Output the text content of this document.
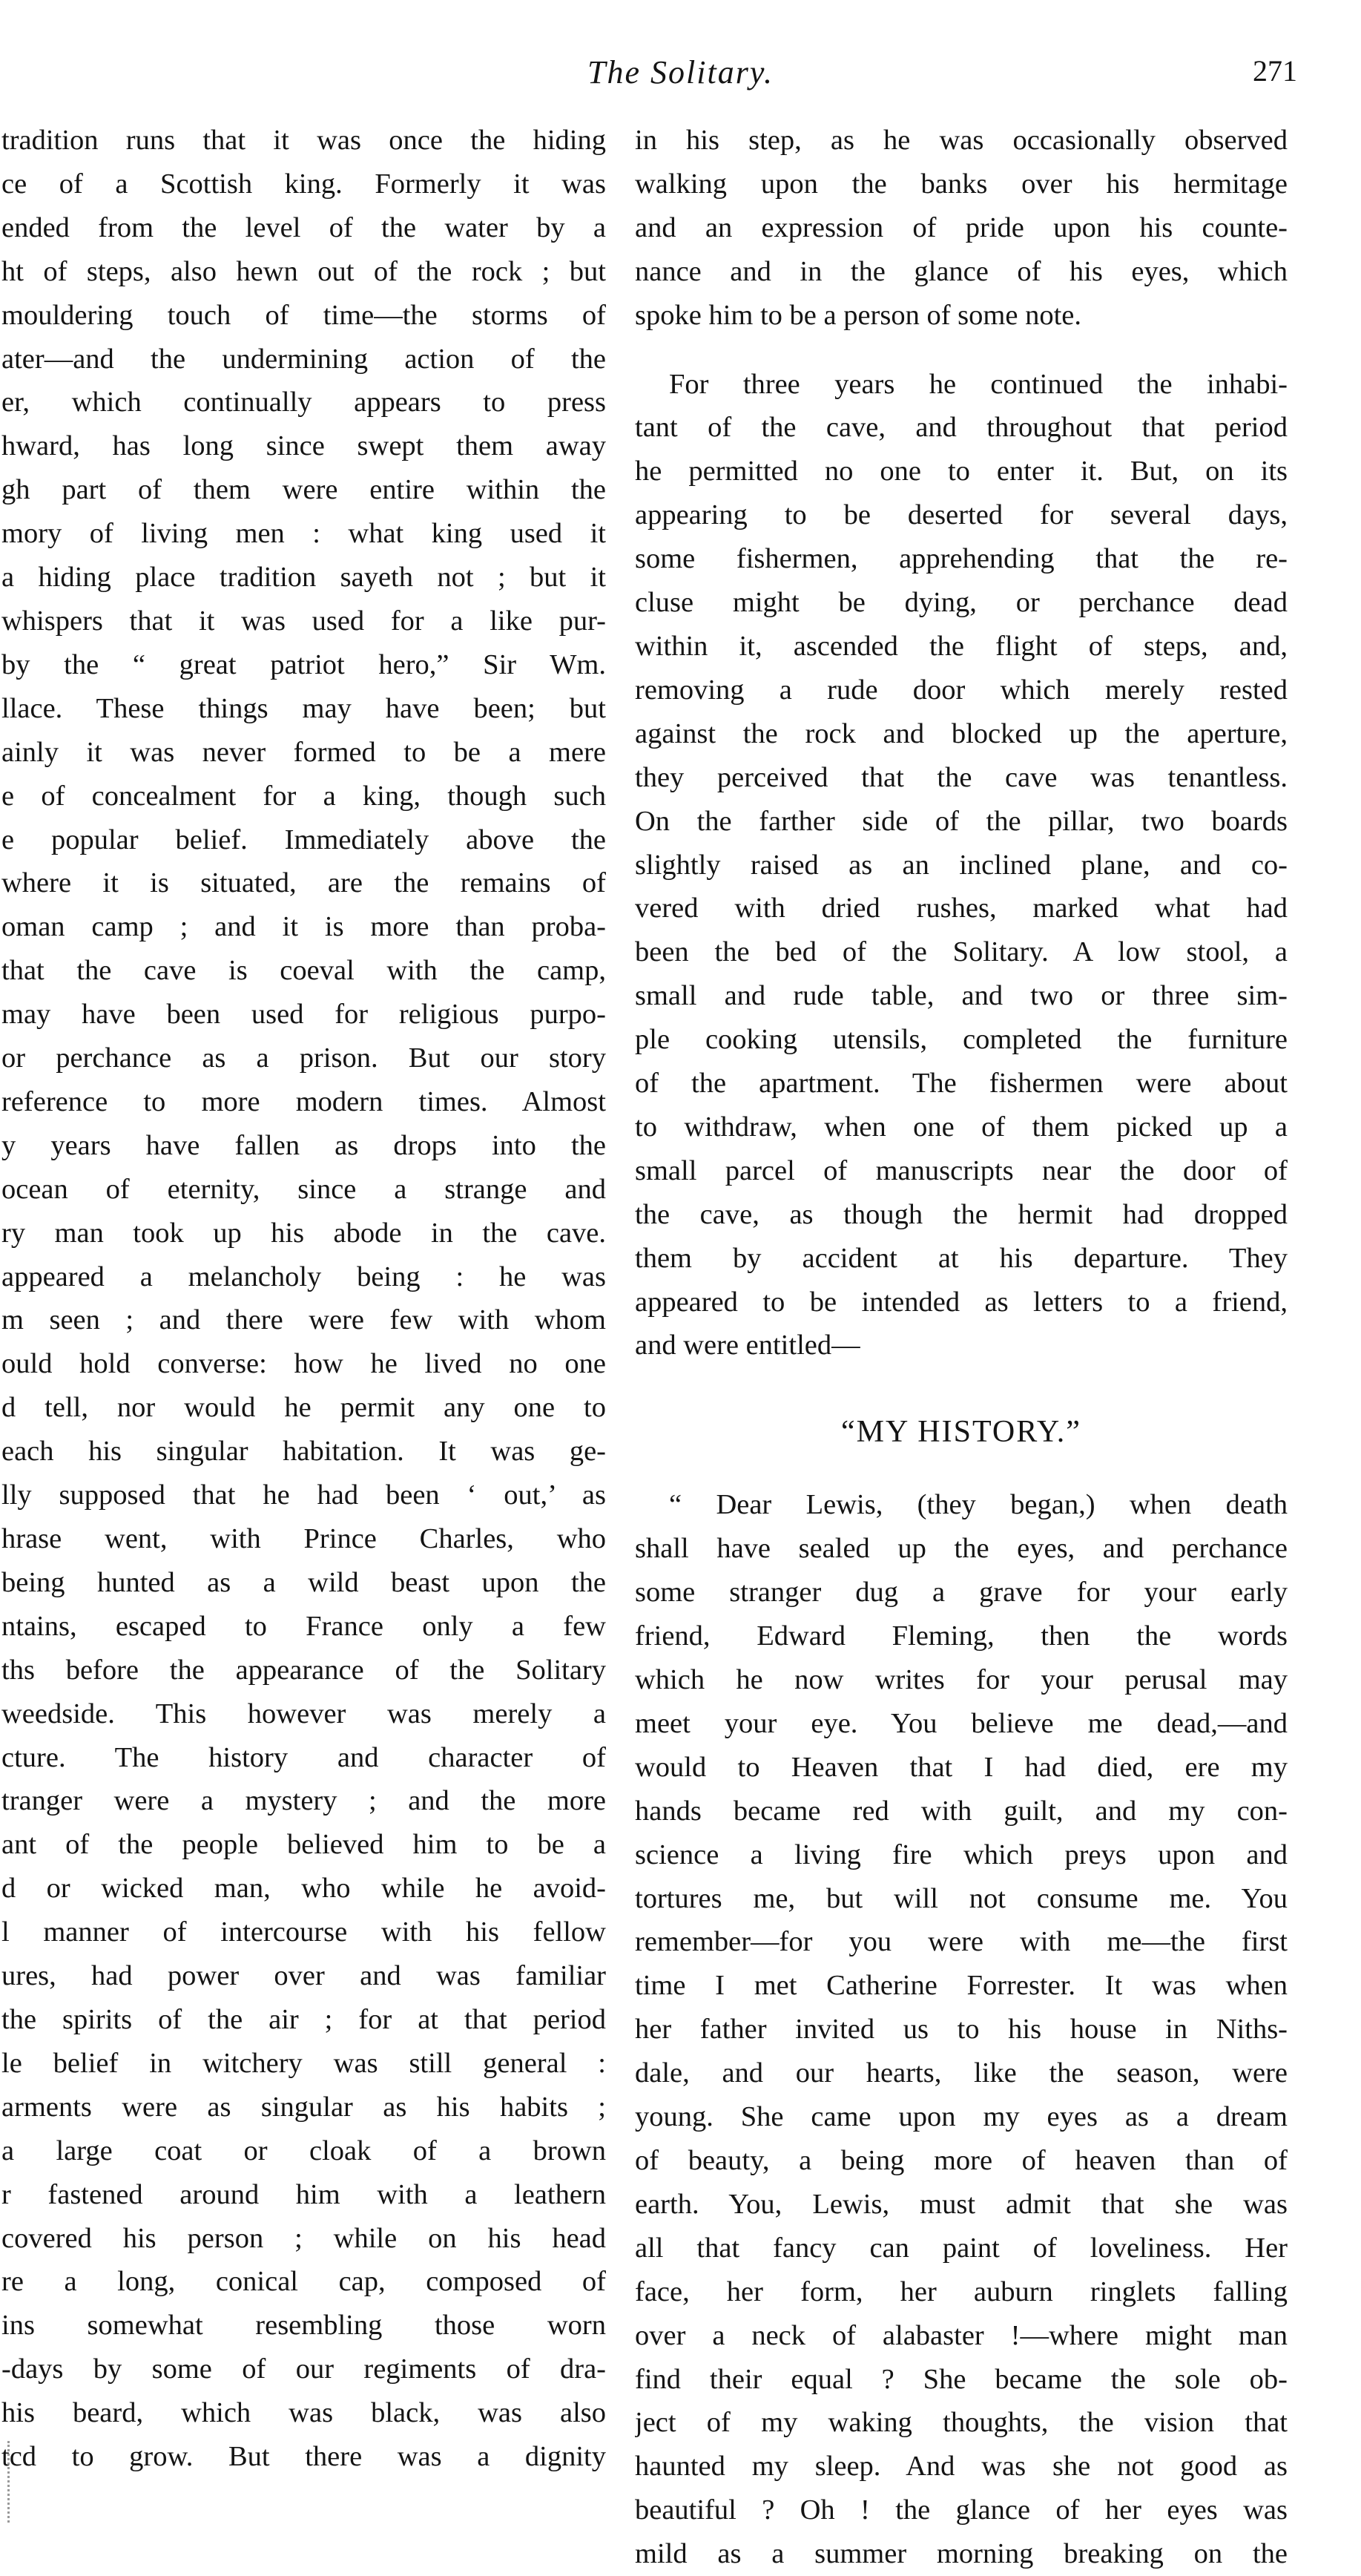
The Solitary.	271
tradition runs that it was once the hiding
ce of a Scottish king. Formerly it was
ended from the level of the water by a
ht of steps, also hewn out of the rock ; but
mouldering touch of time—the storms of
ater—and the undermining action of the
er, which continually appears to press
hward, has long since swept them away
gh part of them were entire within the
mory of living men : what king used it
a hiding place tradition sayeth not ; but it
whispers that it was used for a like pur-
by the “ great patriot hero,” Sir Wm.
llace. These things may have been; but
ainly it was never formed to be a mere
e of concealment for a king, though such
e popular belief. Immediately above the
where it is situated, are the remains of
oman camp ; and it is more than proba-
that the cave is coeval with the camp,
may have been used for religious purpo-
or perchance as a prison. But our story
reference to more modern times. Almost
y years have fallen as drops into the
ocean of eternity, since a strange and
ry man took up his abode in the cave.
appeared a melancholy being : he was
m seen ; and there were few with whom
ould hold converse: how he lived no one
d tell, nor would he permit any one to
each his singular habitation. It was ge-
lly supposed that he had been ‘ out,’ as
hrase went, with Prince Charles, who
being hunted as a wild beast upon the
ntains, escaped to France only a few
ths before the appearance of the Solitary
weedside. This however was merely a
cture. The history and character of
tranger were a mystery ; and the more
ant of the people believed him to be a
d or wicked man, who while he avoid-
l manner of intercourse with his fellow
ures, had power over and was familiar
the spirits of the air ; for at that period
le belief in witchery was still general :
arments were as singular as his habits ;
a large coat or cloak of a brown
r fastened around him with a leathern
covered his person ; while on his head
re a long, conical cap, composed of
ins somewhat resembling those worn
-days by some of our regiments of dra-
his beard, which was black, was also
tcd to grow. But there was a dignity
in his step, as he was occasionally observed
walking upon the banks over his hermitage
and an expression of pride upon his counte-
nance and in the glance of his eyes, which
spoke him to be a person of some note.
For three years he continued the inhabi-
tant of the cave, and throughout that period
he permitted no one to enter it. But, on its
appearing to be deserted for several days,
some fishermen, apprehending that the re-
cluse might be dying, or perchance dead
within it, ascended the flight of steps, and,
removing a rude door which merely rested
against the rock and blocked up the aperture,
they perceived that the cave was tenantless.
On the farther side of the pillar, two boards
slightly raised as an inclined plane, and co-
vered with dried rushes, marked what had
been the bed of the Solitary. A low stool, a
small and rude table, and two or three sim-
ple cooking utensils, completed the furniture
of the apartment. The fishermen were about
to withdraw, when one of them picked up a
small parcel of manuscripts near the door of
the cave, as though the hermit had dropped
them by accident at his departure. They
appeared to be intended as letters to a friend,
and were entitled—
“MY HISTORY.”
“ Dear Lewis, (they began,) when death
shall have sealed up the eyes, and perchance
some stranger dug a grave for your early
friend, Edward Fleming, then the words
which he now writes for your perusal may
meet your eye. You believe me dead,—and
would to Heaven that I had died, ere my
hands became red with guilt, and my con-
science a living fire which preys upon and
tortures me, but will not consume me. You
remember—for you were with me—the first
time I met Catherine Forrester. It was when
her father invited us to his house in Niths-
dale, and our hearts, like the season, were
young. She came upon my eyes as a dream
of beauty, a being more of heaven than of
earth. You, Lewis, must admit that she was
all that fancy can paint of loveliness. Her
face, her form, her auburn ringlets falling
over a neck of alabaster !—where might man
find their equal ? She became the sole ob-
ject of my waking thoughts, the vision that
haunted my sleep. And was she not good as
beautiful ? Oh ! the glance of her eyes was
mild as a summer morning breaking on the
